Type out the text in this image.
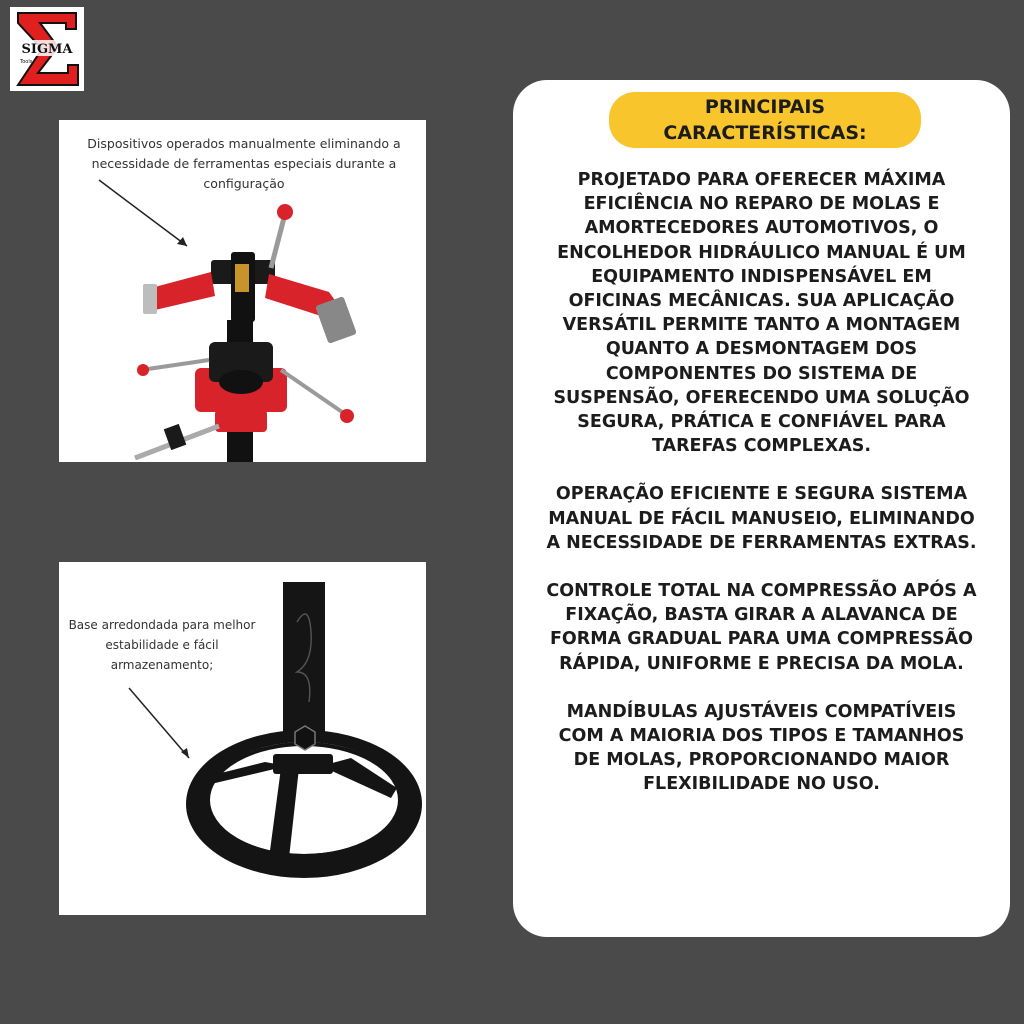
SIGMA
Tools
Dispositivos operados manualmente eliminando a necessidade de ferramentas especiais durante a configuração
Base arredondada para melhor estabilidade e fácil armazenamento;
PRINCIPAIS CARACTERÍSTICAS:

PROJETADO PARA OFERECER MÁXIMA EFICIÊNCIA NO REPARO DE MOLAS E AMORTECEDORES AUTOMOTIVOS, O ENCOLHEDOR HIDRÁULICO MANUAL É UM EQUIPAMENTO INDISPENSÁVEL EM OFICINAS MECÂNICAS. SUA APLICAÇÃO VERSÁTIL PERMITE TANTO A MONTAGEM QUANTO A DESMONTAGEM DOS COMPONENTES DO SISTEMA DE SUSPENSÃO, OFERECENDO UMA SOLUÇÃO SEGURA, PRÁTICA E CONFIÁVEL PARA TAREFAS COMPLEXAS.

OPERAÇÃO EFICIENTE E SEGURA SISTEMA MANUAL DE FÁCIL MANUSEIO, ELIMINANDO A NECESSIDADE DE FERRAMENTAS EXTRAS.

CONTROLE TOTAL NA COMPRESSÃO APÓS A FIXAÇÃO, BASTA GIRAR A ALAVANCA DE FORMA GRADUAL PARA UMA COMPRESSÃO RÁPIDA, UNIFORME E PRECISA DA MOLA.

MANDÍBULAS AJUSTÁVEIS COMPATÍVEIS COM A MAIORIA DOS TIPOS E TAMANHOS DE MOLAS, PROPORCIONANDO MAIOR FLEXIBILIDADE NO USO.
